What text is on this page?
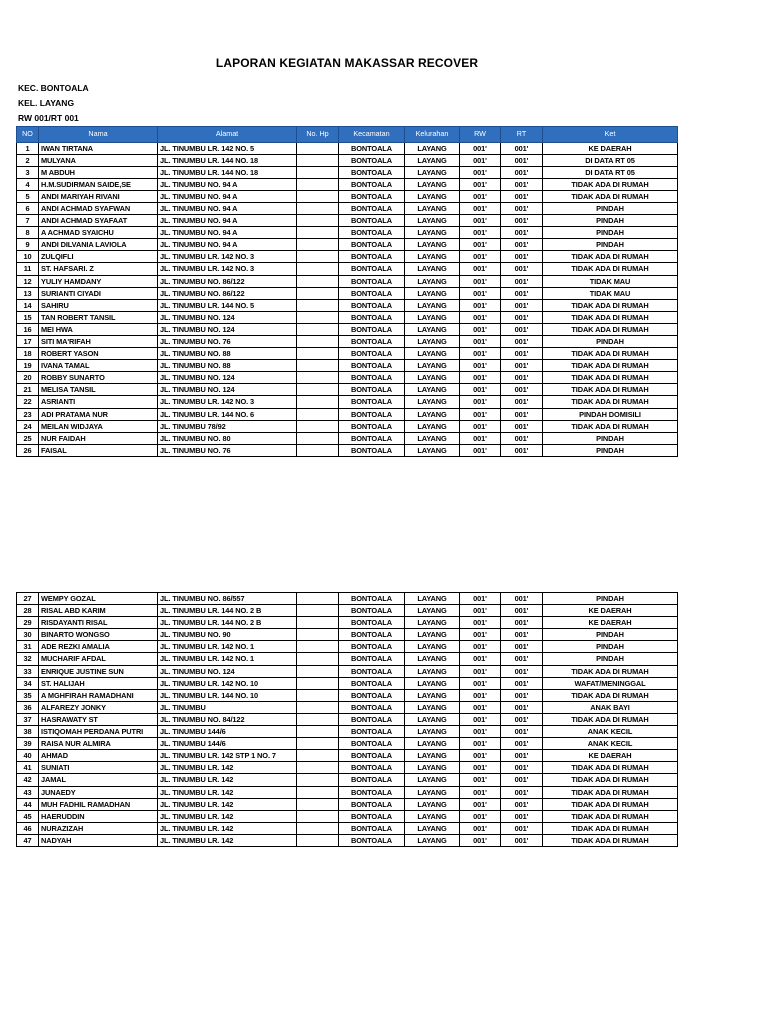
LAPORAN KEGIATAN MAKASSAR RECOVER
KEC. BONTOALA
KEL. LAYANG
RW 001/RT 001
NO	Nama	Alamat	No. Hp	Kecamatan	Kelurahan	RW	RT	Ket
1	IWAN TIRTANA	JL. TINUMBU LR. 142 NO. 5		BONTOALA	LAYANG	001'	001'	KE DAERAH
2	MULYANA	JL. TINUMBU LR. 144 NO. 18		BONTOALA	LAYANG	001'	001'	DI DATA RT 05
3	M ABDUH	JL. TINUMBU LR. 144 NO. 18		BONTOALA	LAYANG	001'	001'	DI DATA RT 05
4	H.M.SUDIRMAN SAIDE,SE	JL. TINUMBU NO. 94 A		BONTOALA	LAYANG	001'	001'	TIDAK ADA DI RUMAH
5	ANDI MARIYAH RIVANI	JL. TINUMBU NO. 94 A		BONTOALA	LAYANG	001'	001'	TIDAK ADA DI RUMAH
6	ANDI ACHMAD SYAFWAN	JL. TINUMBU NO. 94 A		BONTOALA	LAYANG	001'	001'	PINDAH
7	ANDI ACHMAD SYAFAAT	JL. TINUMBU NO. 94 A		BONTOALA	LAYANG	001'	001'	PINDAH
8	A ACHMAD SYAICHU	JL. TINUMBU NO. 94 A		BONTOALA	LAYANG	001'	001'	PINDAH
9	ANDI DILVANIA LAVIOLA	JL. TINUMBU NO. 94 A		BONTOALA	LAYANG	001'	001'	PINDAH
10	ZULQIFLI	JL. TINUMBU LR. 142 NO. 3		BONTOALA	LAYANG	001'	001'	TIDAK ADA DI RUMAH
11	ST. HAFSARI. Z	JL. TINUMBU LR. 142 NO. 3		BONTOALA	LAYANG	001'	001'	TIDAK ADA DI RUMAH
12	YULIY HAMDANY	JL. TINUMBU NO. 86/122		BONTOALA	LAYANG	001'	001'	TIDAK MAU
13	SURIANTI CIYADI	JL. TINUMBU NO. 86/122		BONTOALA	LAYANG	001'	001'	TIDAK MAU
14	SAHIRU	JL. TINUMBU LR. 144 NO. 5		BONTOALA	LAYANG	001'	001'	TIDAK ADA DI RUMAH
15	TAN ROBERT TANSIL	JL. TINUMBU NO. 124		BONTOALA	LAYANG	001'	001'	TIDAK ADA DI RUMAH
16	MEI HWA	JL. TINUMBU NO. 124		BONTOALA	LAYANG	001'	001'	TIDAK ADA DI RUMAH
17	SITI MA'RIFAH	JL. TINUMBU NO. 76		BONTOALA	LAYANG	001'	001'	PINDAH
18	ROBERT YASON	JL. TINUMBU NO. 88		BONTOALA	LAYANG	001'	001'	TIDAK ADA DI RUMAH
19	IVANA TAMAL	JL. TINUMBU NO. 88		BONTOALA	LAYANG	001'	001'	TIDAK ADA DI RUMAH
20	ROBBY SUNARTO	JL. TINUMBU NO. 124		BONTOALA	LAYANG	001'	001'	TIDAK ADA DI RUMAH
21	MELISA TANSIL	JL. TINUMBU NO. 124		BONTOALA	LAYANG	001'	001'	TIDAK ADA DI RUMAH
22	ASRIANTI	JL. TINUMBU LR. 142 NO. 3		BONTOALA	LAYANG	001'	001'	TIDAK ADA DI RUMAH
23	ADI PRATAMA NUR	JL. TINUMBU LR. 144 NO. 6		BONTOALA	LAYANG	001'	001'	PINDAH DOMISILI
24	MEILAN WIDJAYA	JL. TINUMBU 78/92		BONTOALA	LAYANG	001'	001'	TIDAK ADA DI RUMAH
25	NUR FAIDAH	JL. TINUMBU NO. 80		BONTOALA	LAYANG	001'	001'	PINDAH
26	FAISAL	JL. TINUMBU NO. 76		BONTOALA	LAYANG	001'	001'	PINDAH
27	WEMPY GOZAL	JL. TINUMBU NO. 86/557		BONTOALA	LAYANG	001'	001'	PINDAH
28	RISAL ABD KARIM	JL. TINUMBU LR. 144 NO. 2 B		BONTOALA	LAYANG	001'	001'	KE DAERAH
29	RISDAYANTI RISAL	JL. TINUMBU LR. 144 NO. 2 B		BONTOALA	LAYANG	001'	001'	KE DAERAH
30	BINARTO WONGSO	JL. TINUMBU NO. 90		BONTOALA	LAYANG	001'	001'	PINDAH
31	ADE REZKI AMALIA	JL. TINUMBU LR. 142 NO. 1		BONTOALA	LAYANG	001'	001'	PINDAH
32	MUCHARIF AFDAL	JL. TINUMBU LR. 142 NO. 1		BONTOALA	LAYANG	001'	001'	PINDAH
33	ENRIQUE JUSTINE SUN	JL. TINUMBU NO. 124		BONTOALA	LAYANG	001'	001'	TIDAK ADA DI RUMAH
34	ST. HALIJAH	JL. TINUMBU LR. 142 NO. 10		BONTOALA	LAYANG	001'	001'	WAFAT/MENINGGAL
35	A MGHFIRAH RAMADHANI	JL. TINUMBU LR. 144 NO. 10		BONTOALA	LAYANG	001'	001'	TIDAK ADA DI RUMAH
36	ALFAREZY JONKY	JL. TINUMBU		BONTOALA	LAYANG	001'	001'	ANAK BAYI
37	HASRAWATY ST	JL. TINUMBU NO. 84/122		BONTOALA	LAYANG	001'	001'	TIDAK ADA DI RUMAH
38	ISTIQOMAH PERDANA PUTRI	JL. TINUMBU 144/6		BONTOALA	LAYANG	001'	001'	ANAK KECIL
39	RAISA NUR ALMIRA	JL. TINUMBU 144/6		BONTOALA	LAYANG	001'	001'	ANAK KECIL
40	AHMAD	JL. TINUMBU LR. 142 STP 1 NO. 7		BONTOALA	LAYANG	001'	001'	KE DAERAH
41	SUNIATI	JL. TINUMBU LR. 142		BONTOALA	LAYANG	001'	001'	TIDAK ADA DI RUMAH
42	JAMAL	JL. TINUMBU LR. 142		BONTOALA	LAYANG	001'	001'	TIDAK ADA DI RUMAH
43	JUNAEDY	JL. TINUMBU LR. 142		BONTOALA	LAYANG	001'	001'	TIDAK ADA DI RUMAH
44	MUH FADHIL RAMADHAN	JL. TINUMBU LR. 142		BONTOALA	LAYANG	001'	001'	TIDAK ADA DI RUMAH
45	HAERUDDIN	JL. TINUMBU LR. 142		BONTOALA	LAYANG	001'	001'	TIDAK ADA DI RUMAH
46	NURAZIZAH	JL. TINUMBU LR. 142		BONTOALA	LAYANG	001'	001'	TIDAK ADA DI RUMAH
47	NADYAH	JL. TINUMBU LR. 142		BONTOALA	LAYANG	001'	001'	TIDAK ADA DI RUMAH
